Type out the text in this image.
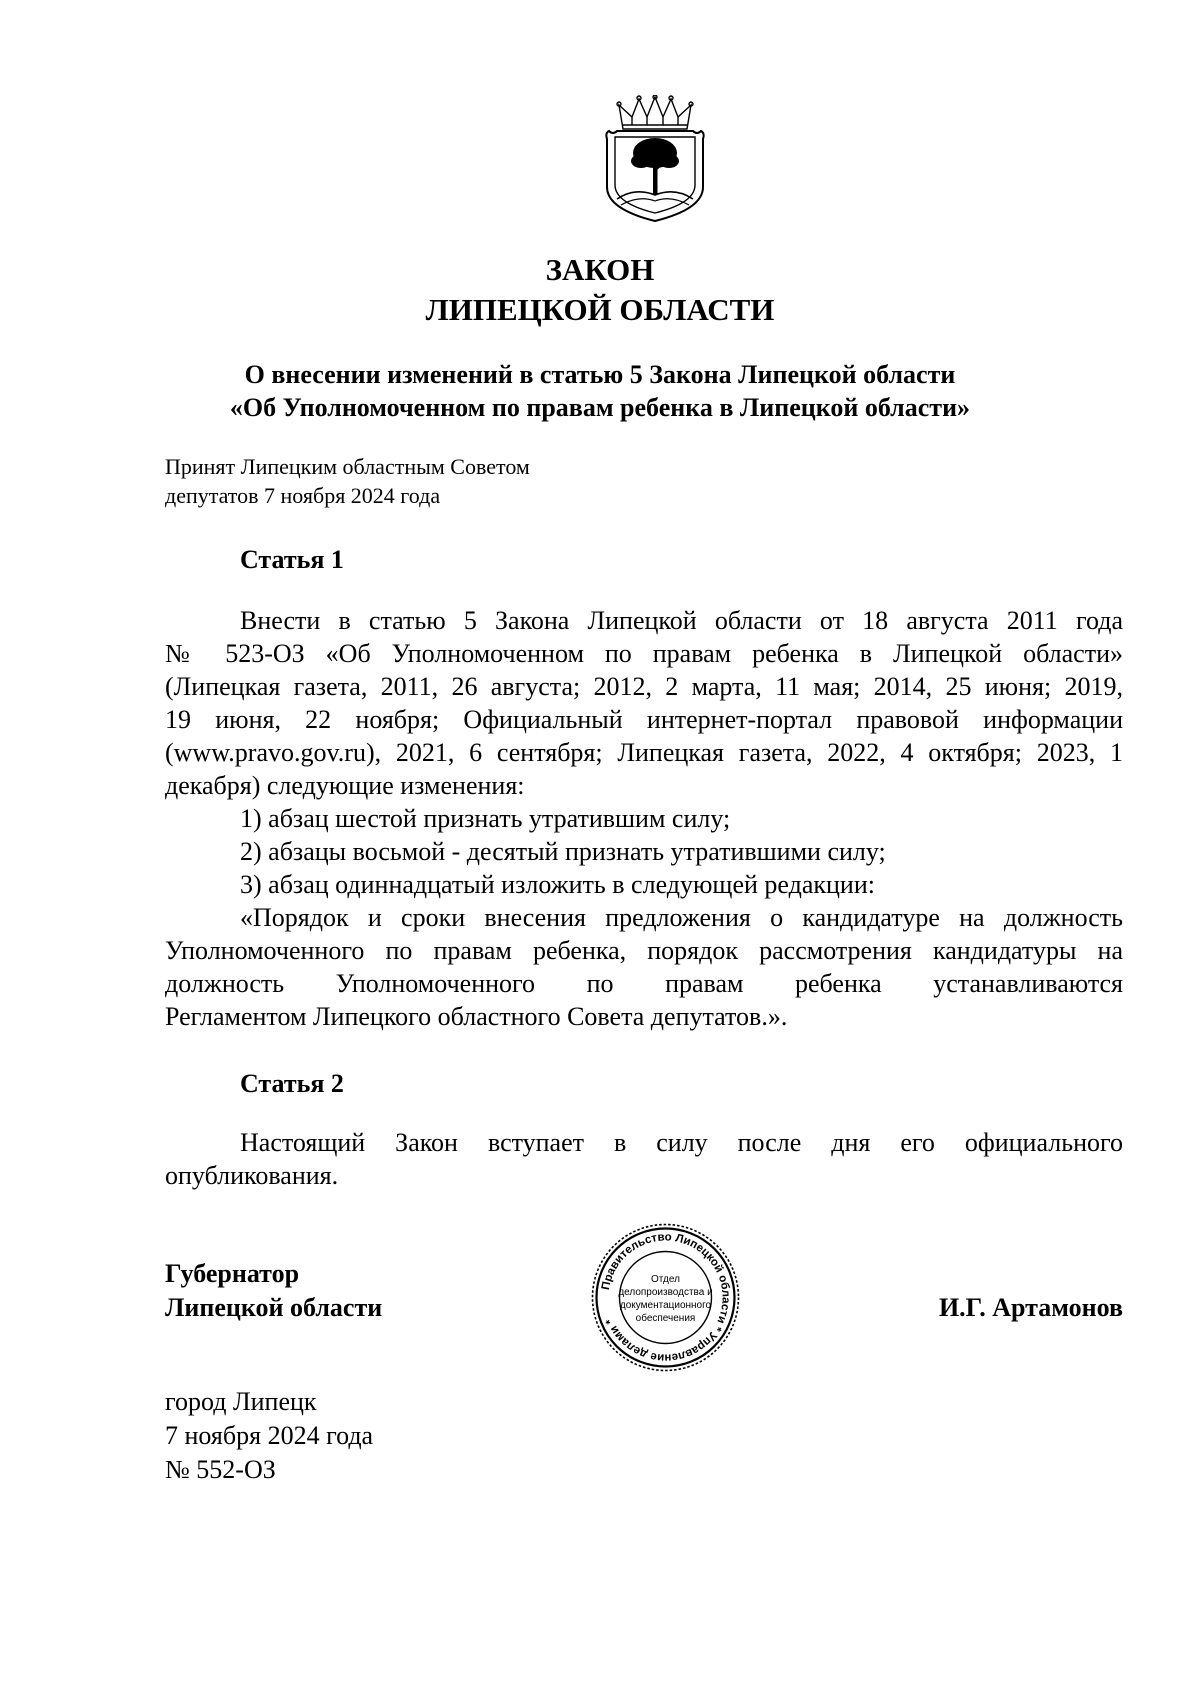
ЗАКОН
ЛИПЕЦКОЙ ОБЛАСТИ
О внесении изменений в статью 5 Закона Липецкой области
«Об Уполномоченном по правам ребенка в Липецкой области»
Принят Липецким областным Советом
депутатов 7 ноября 2024 года
Статья 1
Внести в статью 5 Закона Липецкой области от 18 августа 2011 года
№ 523-ОЗ «Об Уполномоченном по правам ребенка в Липецкой области»
(Липецкая газета, 2011, 26 августа; 2012, 2 марта, 11 мая; 2014, 25 июня; 2019,
19 июня, 22 ноября; Официальный интернет-портал правовой информации
(www.pravo.gov.ru), 2021, 6 сентября; Липецкая газета, 2022, 4 октября; 2023, 1
декабря) следующие изменения:
1) абзац шестой признать утратившим силу;
2) абзацы восьмой - десятый признать утратившими силу;
3) абзац одиннадцатый изложить в следующей редакции:
«Порядок и сроки внесения предложения о кандидатуре на должность
Уполномоченного по правам ребенка, порядок рассмотрения кандидатуры на
должность Уполномоченного по правам ребенка устанавливаются
Регламентом Липецкого областного Совета депутатов.».
Статья 2
Настоящий Закон вступает в силу после дня его официального
опубликования.
Губернатор
Липецкой области	И.Г. Артамонов
Правительство Липецкой области * Управление делами *
Отдел
делопроизводства и
документационного
обеспечения
город Липецк
7 ноября 2024 года
№ 552-ОЗ
